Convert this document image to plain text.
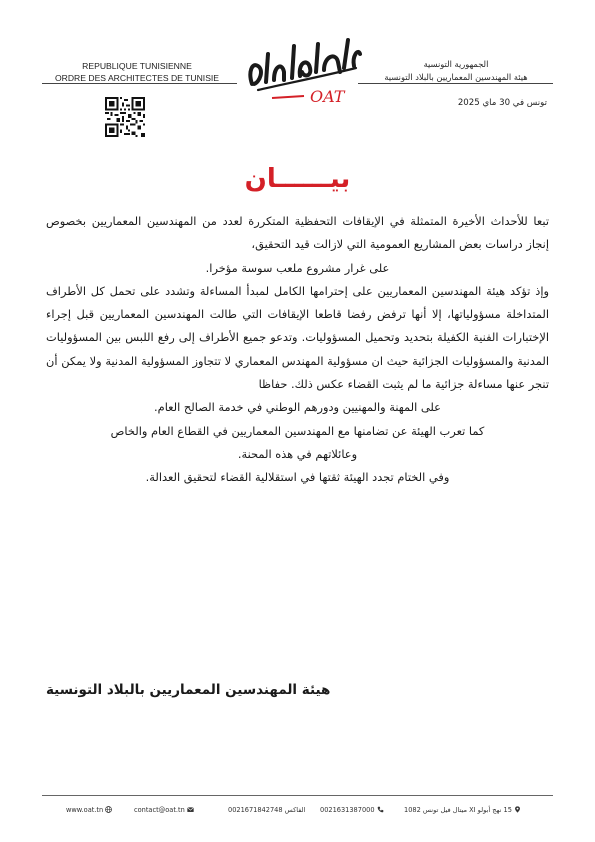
REPUBLIQUE TUNISIENNE
ORDRE DES ARCHITECTES DE TUNISIE
OAT
الجمهورية التونسية
هيئة المهندسين المعماريين بالبلاد التونسية
تونس في 30 ماي 2025
بيــــــان

تبعا للأحداث الأخيرة المتمثلة في الإيقافات التحفظية المتكررة لعدد من المهندسين المعماريين بخصوص إنجاز دراسات بعض المشاريع العمومية التي لازالت قيد التحقيق،

على غرار مشروع ملعب سوسة مؤخرا.

وإذ تؤكد هيئة المهندسين المعماريين على إحترامها الكامل لمبدأ المساءلة وتشدد على تحمل كل الأطراف المتداخلة مسؤولياتها، إلا أنها ترفض رفضا قاطعا الإيقافات التي طالت المهندسين المعماريين قبل إجراء الإختبارات الفنية الكفيلة بتحديد وتحميل المسؤوليات. وتدعو جميع الأطراف إلى رفع اللبس بين المسؤوليات المدنية والمسؤوليات الجزائية حيث ان مسؤولية المهندس المعماري لا تتجاوز المسؤولية المدنية ولا يمكن أن تنجر عنها مساءلة جزائية ما لم يثبت القضاء عكس ذلك. حفاظا

على المهنة والمهنيين ودورهم الوطني في خدمة الصالح العام.

كما تعرب الهيئة عن تضامنها مع المهندسين المعماريين في القطاع العام والخاص

وعائلاتهم في هذه المحنة.

وفي الختام تجدد الهيئة ثقتها في استقلالية القضاء لتحقيق العدالة.

هيئة المهندسين المعماريين بالبلاد التونسية
www.oat.tn	contact@oat.tn	الفاكس 0021671842748	0021631387000	15 نهج أبولو XI ميتال فيل تونس 1082
